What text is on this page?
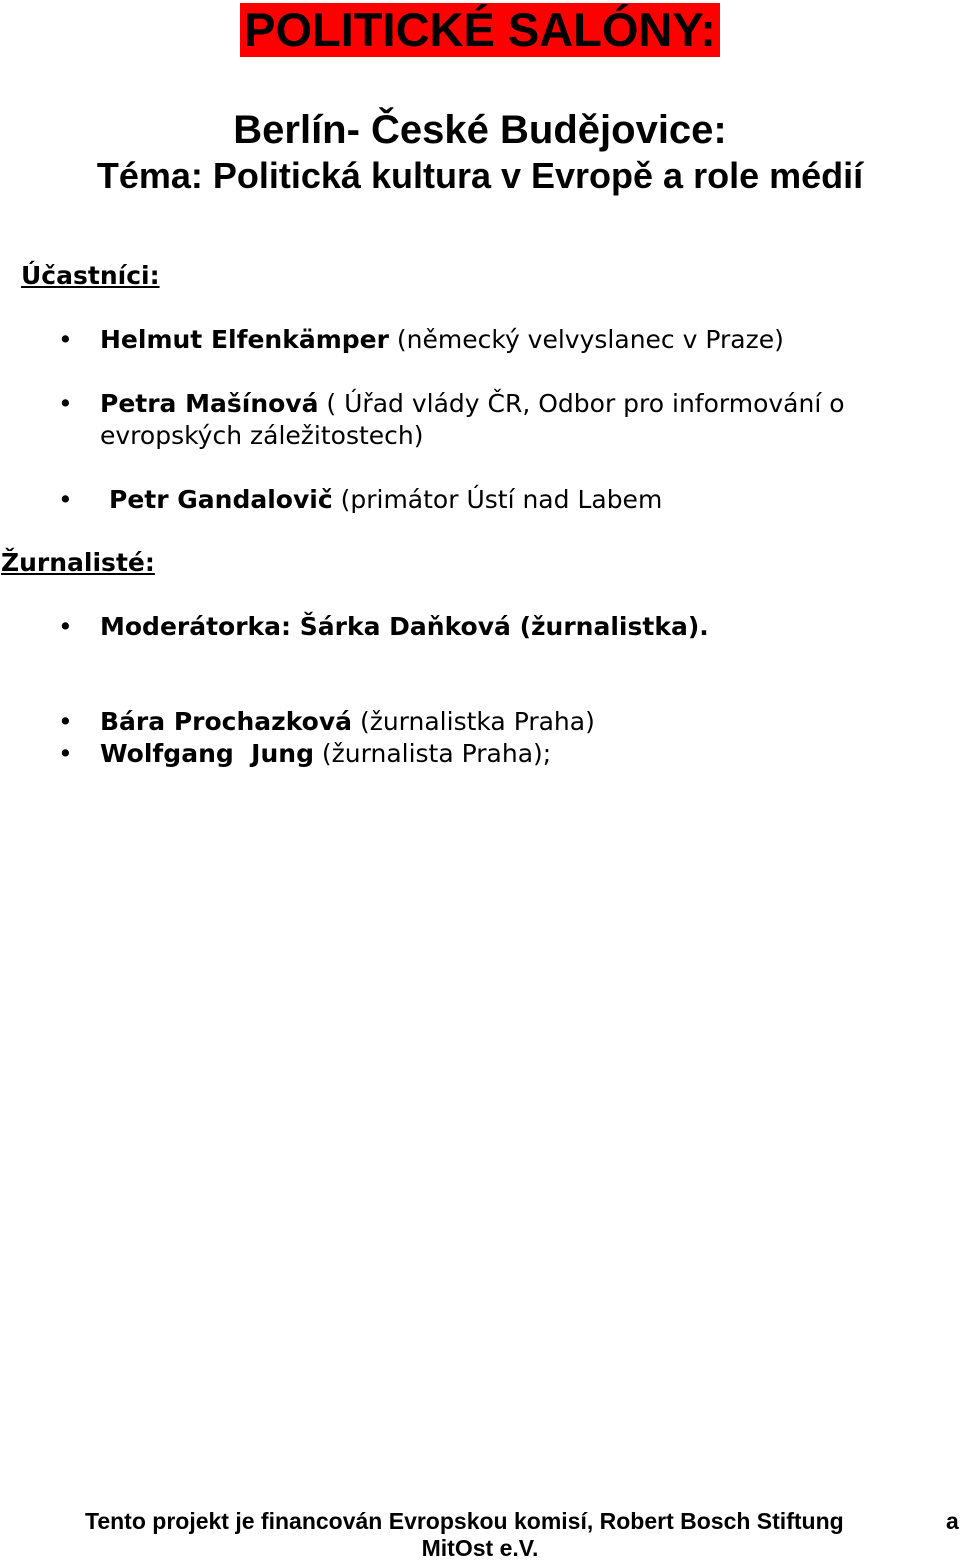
POLITICKÉ SALÓNY:
Berlín- České Budějovice:
Téma: Politická kultura v Evropě a role médií
Účastníci:
• Helmut Elfenkämper (německý velvyslanec v Praze)
• Petra Mašínová ( Úřad vlády ČR, Odbor pro informování o
evropských záležitostech)
• Petr Gandalovič (primátor Ústí nad Labem
Žurnalisté:
• Moderátorka: Šárka Daňková (žurnalistka).
• Bára Prochazková (žurnalistka Praha)
• Wolfgang  Jung (žurnalista Praha);
Tento projekt je financován Evropskou komisí, Robert Bosch Stiftung	a
MitOst e.V.
